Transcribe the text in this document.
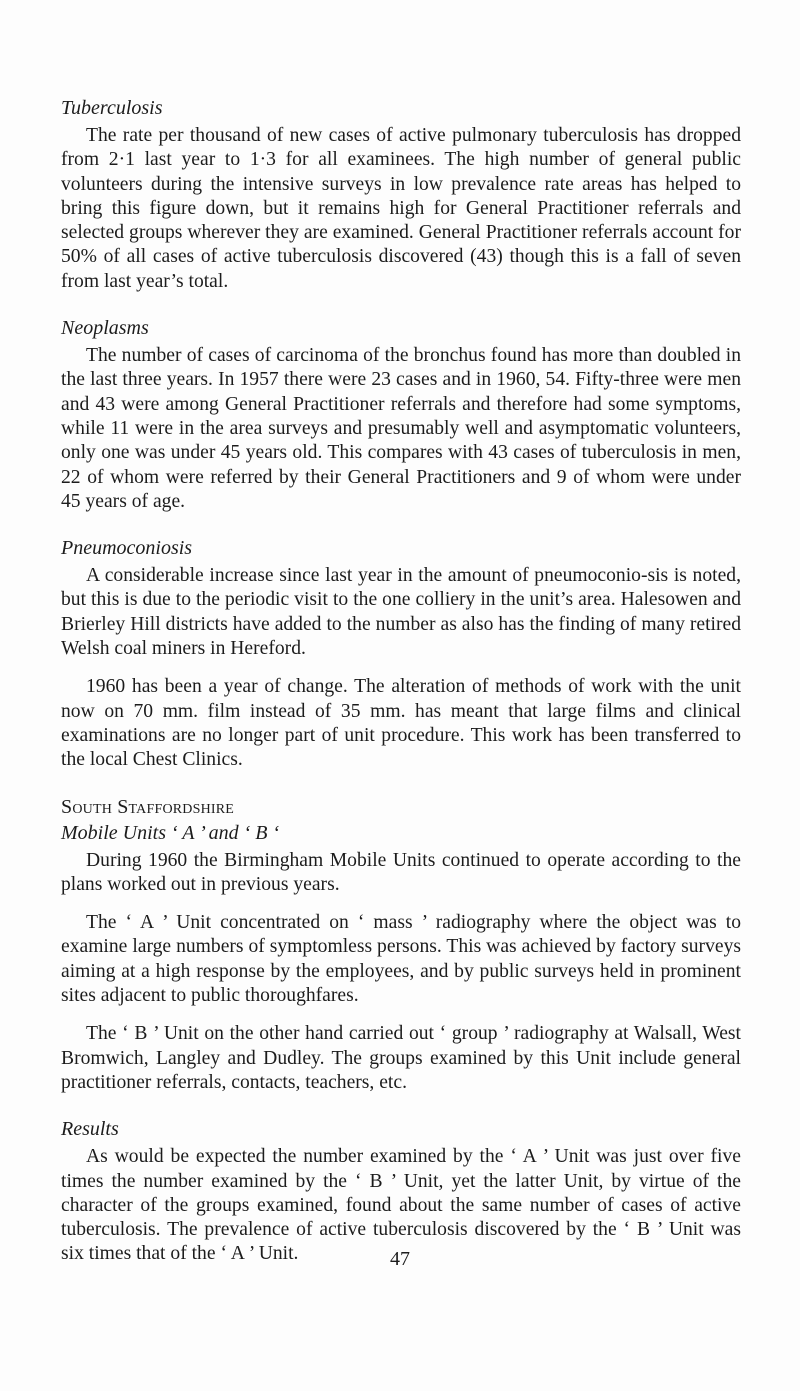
Tuberculosis

The rate per thousand of new cases of active pulmonary tuberculosis has dropped from 2·1 last year to 1·3 for all examinees. The high number of general public volunteers during the intensive surveys in low prevalence rate areas has helped to bring this figure down, but it remains high for General Practitioner referrals and selected groups wherever they are examined. General Practitioner referrals account for 50% of all cases of active tuberculosis discovered (43) though this is a fall of seven from last year’s total.

Neoplasms

The number of cases of carcinoma of the bronchus found has more than doubled in the last three years. In 1957 there were 23 cases and in 1960, 54. Fifty-three were men and 43 were among General Practitioner referrals and therefore had some symptoms, while 11 were in the area surveys and presumably well and asymptomatic volunteers, only one was under 45 years old. This compares with 43 cases of tuberculosis in men, 22 of whom were referred by their General Practitioners and 9 of whom were under 45 years of age.

Pneumoconiosis

A considerable increase since last year in the amount of pneumoconio-sis is noted, but this is due to the periodic visit to the one colliery in the unit’s area. Halesowen and Brierley Hill districts have added to the number as also has the finding of many retired Welsh coal miners in Hereford.

1960 has been a year of change. The alteration of methods of work with the unit now on 70 mm. film instead of 35 mm. has meant that large films and clinical examinations are no longer part of unit procedure. This work has been transferred to the local Chest Clinics.

South Staffordshire
Mobile Units ‘ A ’ and ‘ B ‘

During 1960 the Birmingham Mobile Units continued to operate according to the plans worked out in previous years.

The ‘ A ’ Unit concentrated on ‘ mass ’ radiography where the object was to examine large numbers of symptomless persons. This was achieved by factory surveys aiming at a high response by the employees, and by public surveys held in prominent sites adjacent to public thoroughfares.

The ‘ B ’ Unit on the other hand carried out ‘ group ’ radiography at Walsall, West Bromwich, Langley and Dudley. The groups examined by this Unit include general practitioner referrals, contacts, teachers, etc.

Results

As would be expected the number examined by the ‘ A ’ Unit was just over five times the number examined by the ‘ B ’ Unit, yet the latter Unit, by virtue of the character of the groups examined, found about the same number of cases of active tuberculosis. The prevalence of active tuberculosis discovered by the ‘ B ’ Unit was six times that of the ‘ A ’ Unit.	47
